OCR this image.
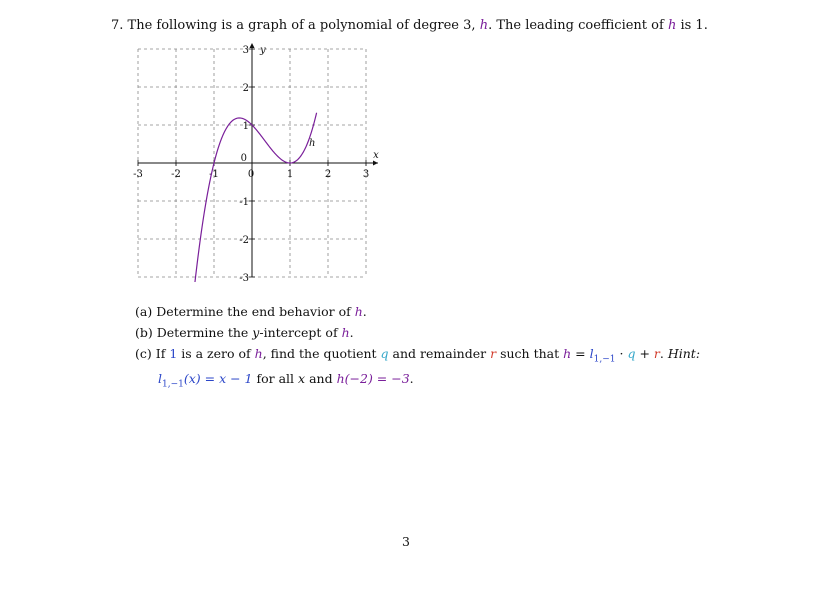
7. The following is a graph of a polynomial of degree 3, h. The leading coefficient of h is 1.
-3	-2	-1	0	1	2	3
-3
-2
-1
1
2
3
0	x
y
h
(a) Determine the end behavior of h.
(b) Determine the y-intercept of h.
(c) If 1 is a zero of h, find the quotient q and remainder r such that $h = l_{1,-1} \cdot q + r$. Hint:
$l_{1,-1}(x) = x - 1$ for all x and h(−2) = −3.
3
